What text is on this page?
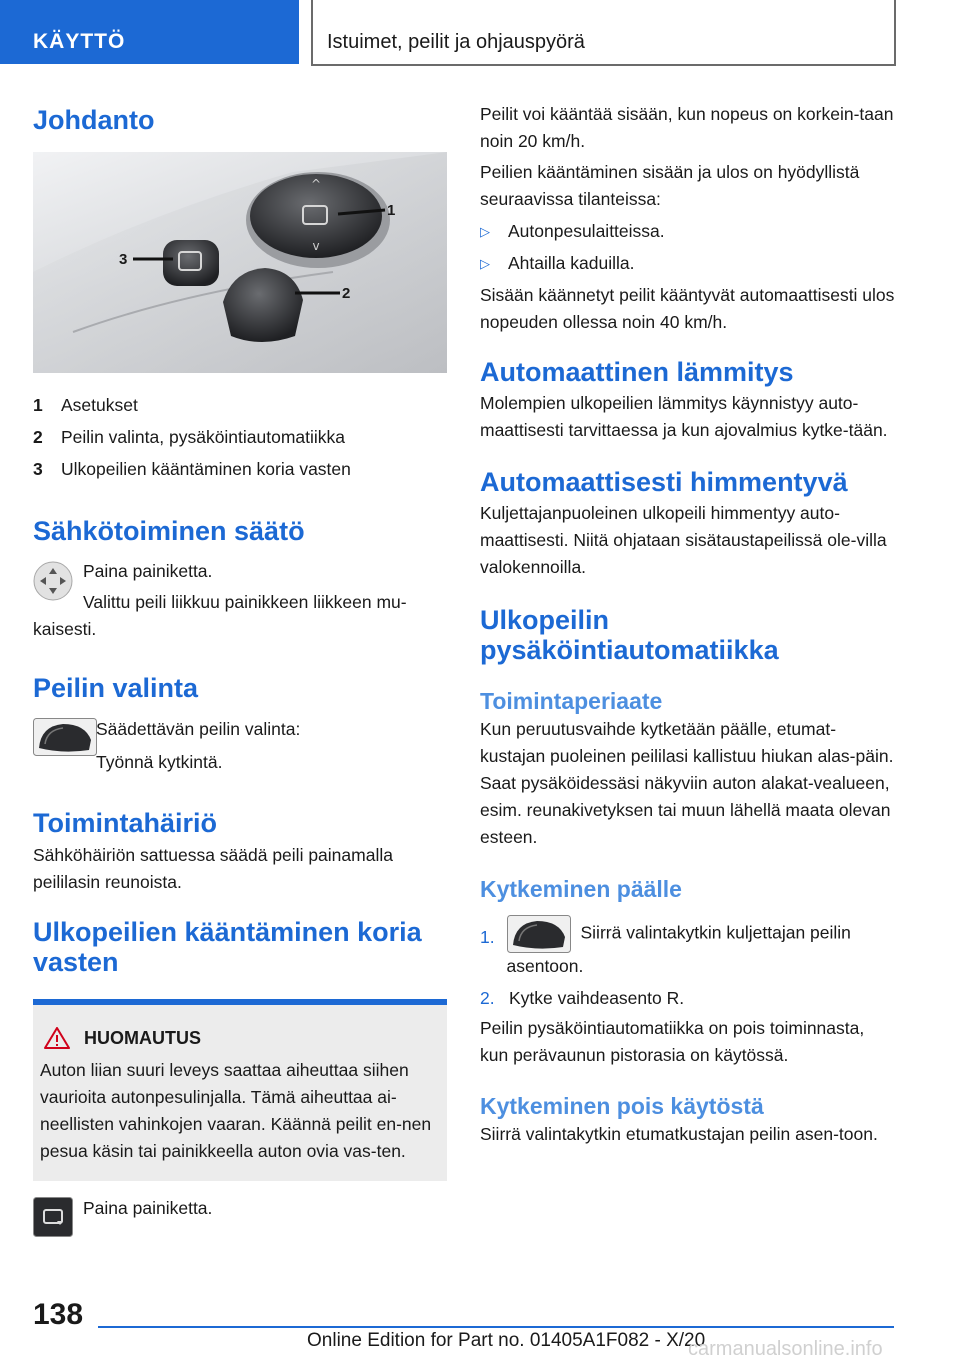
KÄYTTÖ	Istuimet, peilit ja ohjauspyörä
Johdanto
^
v
1
2
3
1	Asetukset
2	Peilin valinta, pysäköintiautomatiikka
3	Ulkopeilien kääntäminen koria vasten
Sähkötoiminen säätö

Paina painiketta.

Valittu peili liikkuu painikkeen liikkeen mu-

kaisesti.

Peilin valinta

Säädettävän peilin valinta:

Työnnä kytkintä.

Toimintahäiriö

Sähköhäiriön sattuessa säädä peili painamalla peililasin reunoista.

Ulkopeilien kääntäminen koria vasten
HUOMAUTUS

Auton liian suuri leveys saattaa aiheuttaa siihen vaurioita autonpesulinjalla. Tämä aiheuttaa ai-neellisten vahinkojen vaaran. Käännä peilit en-nen pesua käsin tai painikkeella auton ovia vas-ten.

Paina painiketta.

Peilit voi kääntää sisään, kun nopeus on korkein-taan noin 20 km/h.

Peilien kääntäminen sisään ja ulos on hyödyllistä seuraavissa tilanteissa:

▷	Autonpesulaitteissa.
▷	Ahtailla kaduilla.

Sisään käännetyt peilit kääntyvät automaattisesti ulos nopeuden ollessa noin 40 km/h.

Automaattinen lämmitys

Molempien ulkopeilien lämmitys käynnistyy auto-maattisesti tarvittaessa ja kun ajovalmius kytke-tään.

Automaattisesti himmentyvä

Kuljettajanpuoleinen ulkopeili himmentyy auto-maattisesti. Niitä ohjataan sisätaustapeilissä ole-villa valokennoilla.

Ulkopeilin
pysäköintiautomatiikka
Toimintaperiaate

Kun peruutusvaihde kytketään päälle, etumat-kustajan puoleinen peililasi kallistuu hiukan alas-päin. Saat pysäköidessäsi näkyviin auton alakat-vealueen, esim. reunakivetyksen tai muun lähellä maata olevan esteen.

Kytkeminen päälle
1.	Siirrä valintakytkin kuljettajan peilin asentoon.
2. Kytke vaihdeasento R.

Peilin pysäköintiautomatiikka on pois toiminnasta, kun perävaunun pistorasia on käytössä.

Kytkeminen pois käytöstä

Siirrä valintakytkin etumatkustajan peilin asen-toon.

138
Online Edition for Part no. 01405A1F082 - X/20
carmanualsonline.info
